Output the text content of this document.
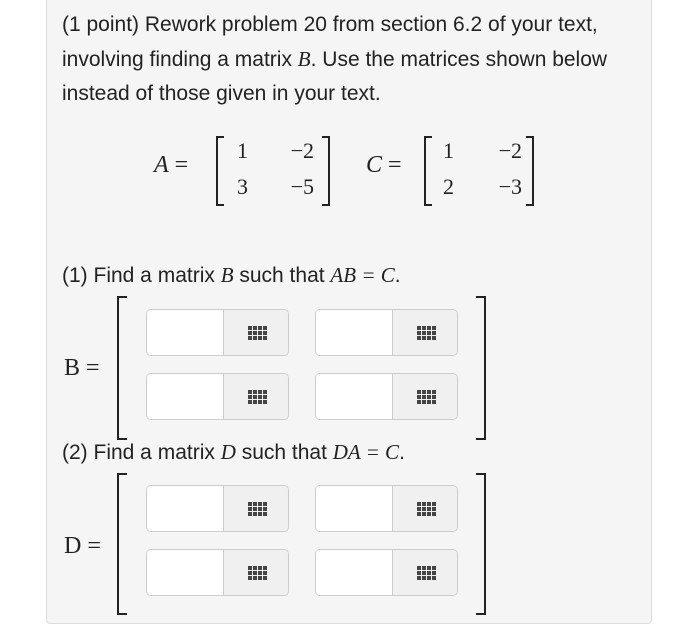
(1 point) Rework problem 20 from section 6.2 of your text, involving finding a matrix B. Use the matrices shown below instead of those given in your text.

A =
1	−2
3	−5
C =
1	−2
2	−3
(1) Find a matrix B such that AB = C.
B =
(2) Find a matrix D such that DA = C.
D =
